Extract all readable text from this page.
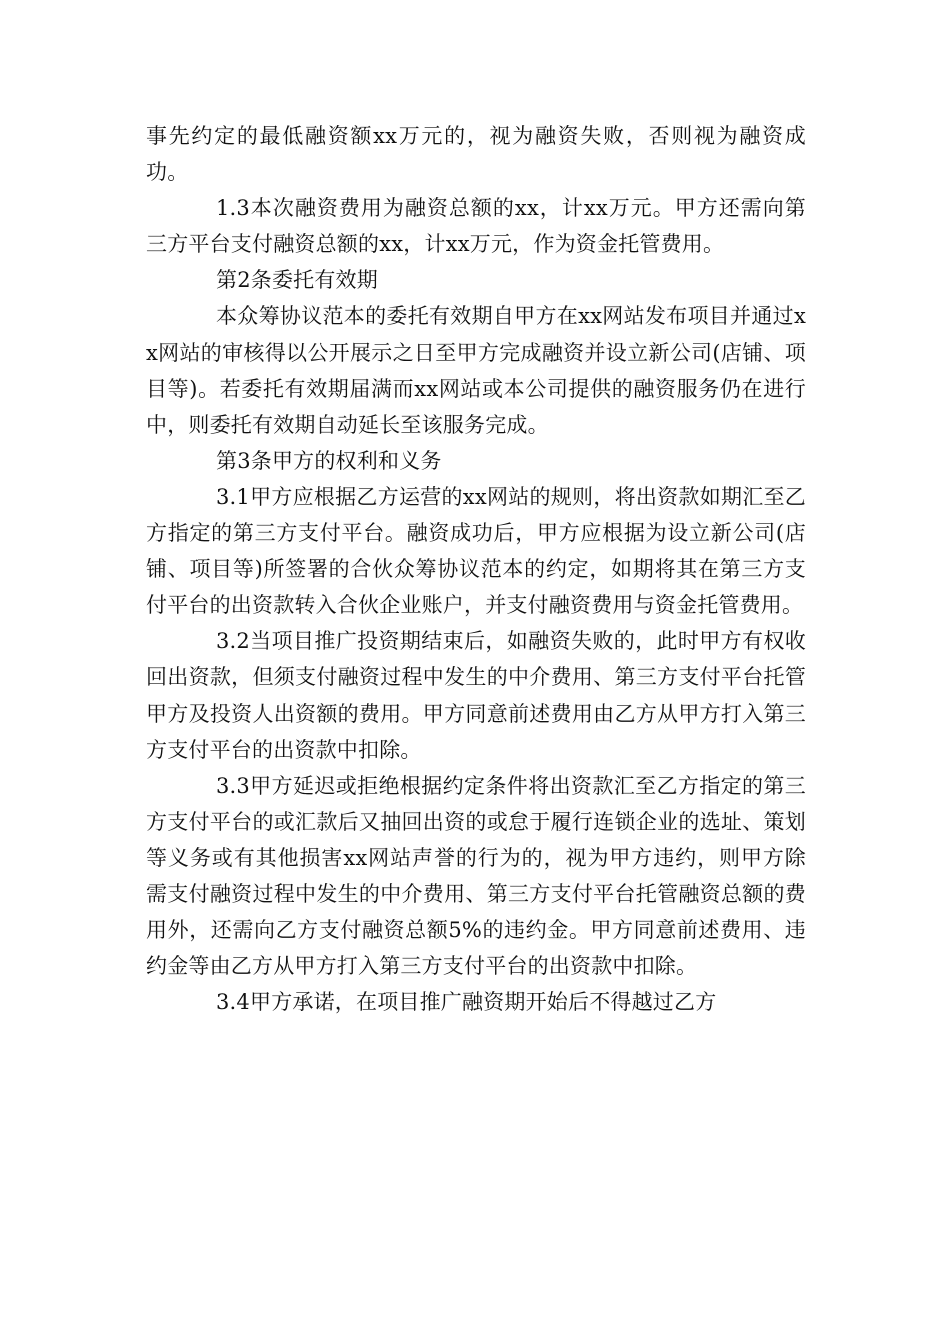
事先约定的最低融资额xx万元的，视为融资失败，否则视为融资成功。

1.3本次融资费用为融资总额的xx，计xx万元。甲方还需向第三方平台支付融资总额的xx，计xx万元，作为资金托管费用。

第2条委托有效期

本众筹协议范本的委托有效期自甲方在xx网站发布项目并通过xx网站的审核得以公开展示之日至甲方完成融资并设立新公司(店铺、项目等)。若委托有效期届满而xx网站或本公司提供的融资服务仍在进行中，则委托有效期自动延长至该服务完成。

第3条甲方的权利和义务

3.1甲方应根据乙方运营的xx网站的规则，将出资款如期汇至乙方指定的第三方支付平台。融资成功后，甲方应根据为设立新公司(店铺、项目等)所签署的合伙众筹协议范本的约定，如期将其在第三方支付平台的出资款转入合伙企业账户，并支付融资费用与资金托管费用。

3.2当项目推广投资期结束后，如融资失败的，此时甲方有权收回出资款，但须支付融资过程中发生的中介费用、第三方支付平台托管甲方及投资人出资额的费用。甲方同意前述费用由乙方从甲方打入第三方支付平台的出资款中扣除。

3.3甲方延迟或拒绝根据约定条件将出资款汇至乙方指定的第三方支付平台的或汇款后又抽回出资的或怠于履行连锁企业的选址、策划等义务或有其他损害xx网站声誉的行为的，视为甲方违约，则甲方除需支付融资过程中发生的中介费用、第三方支付平台托管融资总额的费用外，还需向乙方支付融资总额5%的违约金。甲方同意前述费用、违约金等由乙方从甲方打入第三方支付平台的出资款中扣除。

3.4甲方承诺，在项目推广融资期开始后不得越过乙方
